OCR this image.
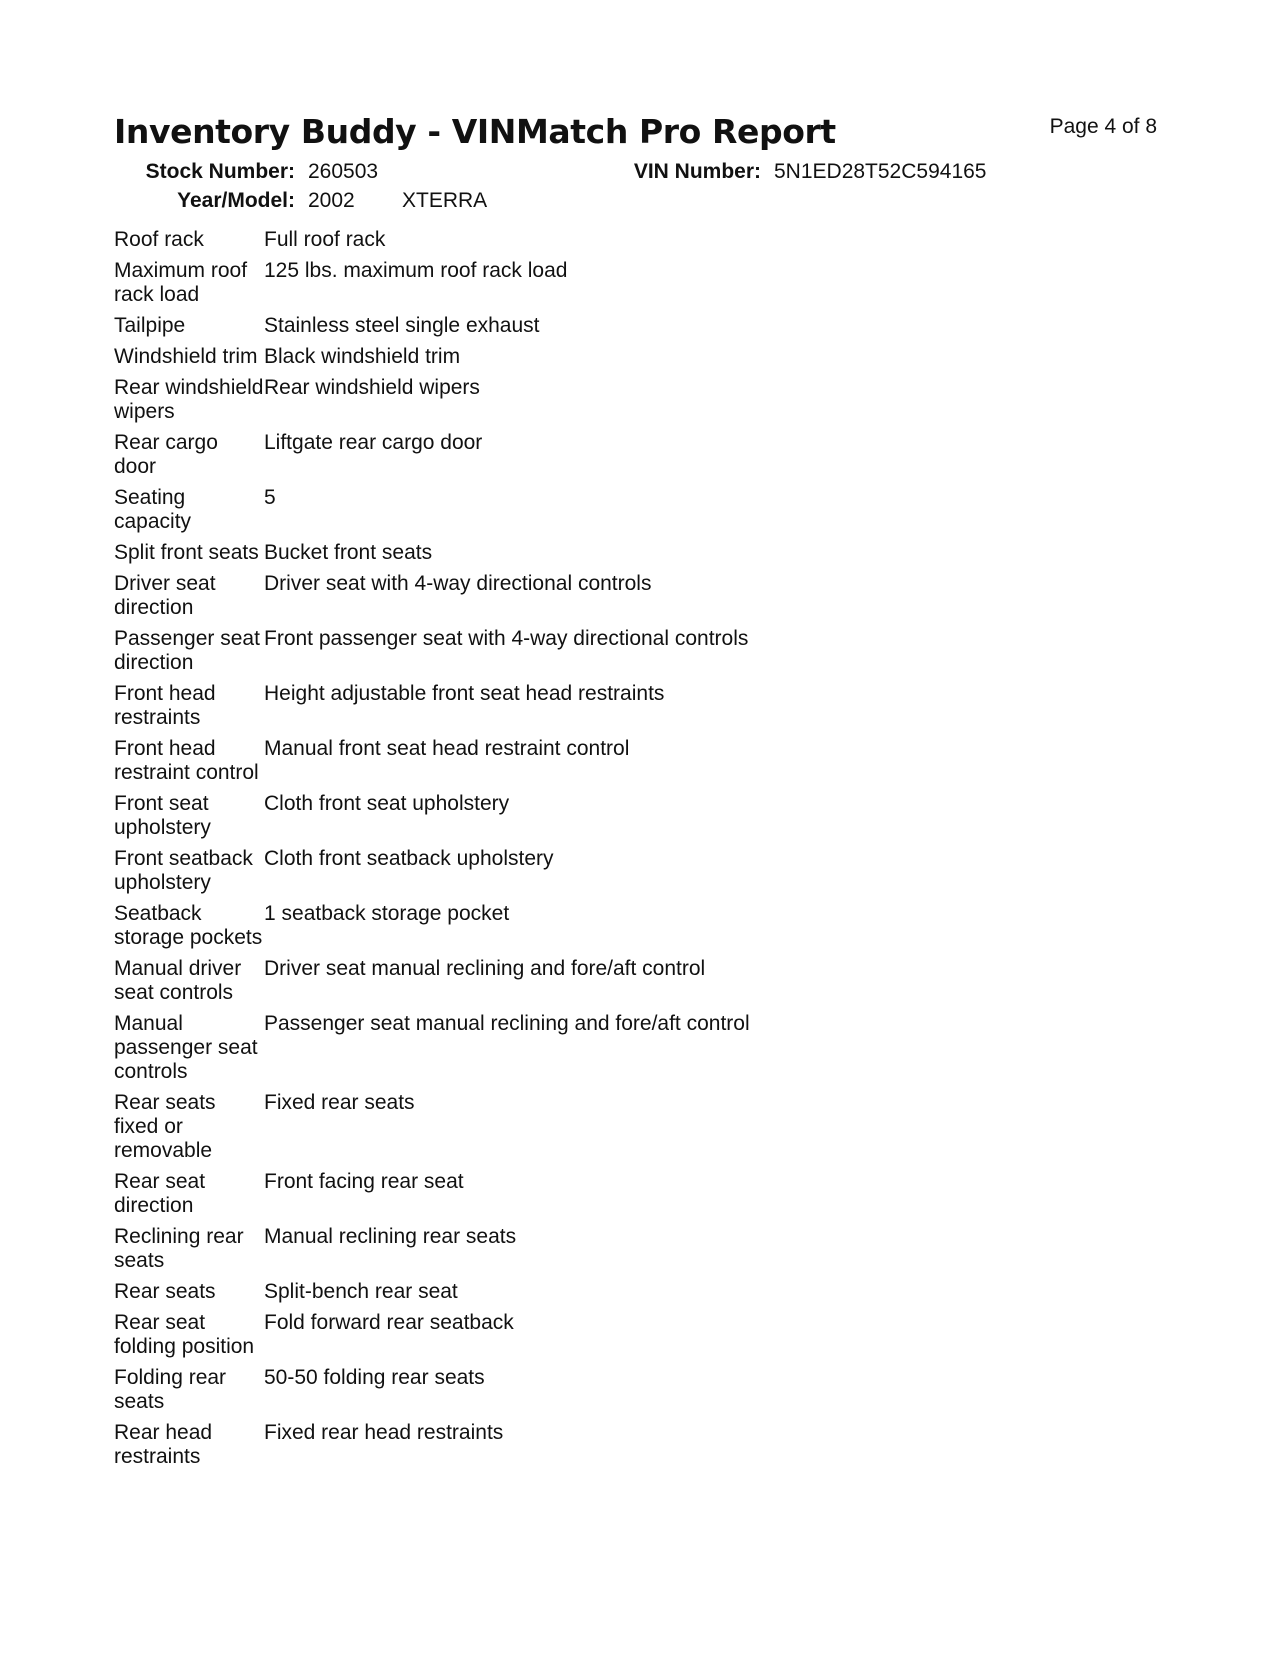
Inventory Buddy - VINMatch Pro Report	Page 4 of 8
Stock Number: 260503	VIN Number: 5N1ED28T52C594165
Year/Model: 2002 XTERRA
Roof rack	Full roof rack
Maximum roof rack load	125 lbs. maximum roof rack load
Tailpipe	Stainless steel single exhaust
Windshield trim	Black windshield trim
Rear windshield wipers	Rear windshield wipers
Rear cargo door	Liftgate rear cargo door
Seating capacity	5
Split front seats	Bucket front seats
Driver seat direction	Driver seat with 4-way directional controls
Passenger seat direction	Front passenger seat with 4-way directional controls
Front head restraints	Height adjustable front seat head restraints
Front head restraint control	Manual front seat head restraint control
Front seat upholstery	Cloth front seat upholstery
Front seatback upholstery	Cloth front seatback upholstery
Seatback storage pockets	1 seatback storage pocket
Manual driver seat controls	Driver seat manual reclining and fore/aft control
Manual passenger seat controls	Passenger seat manual reclining and fore/aft control
Rear seats fixed or removable	Fixed rear seats
Rear seat direction	Front facing rear seat
Reclining rear seats	Manual reclining rear seats
Rear seats	Split-bench rear seat
Rear seat folding position	Fold forward rear seatback
Folding rear seats	50-50 folding rear seats
Rear head restraints	Fixed rear head restraints
